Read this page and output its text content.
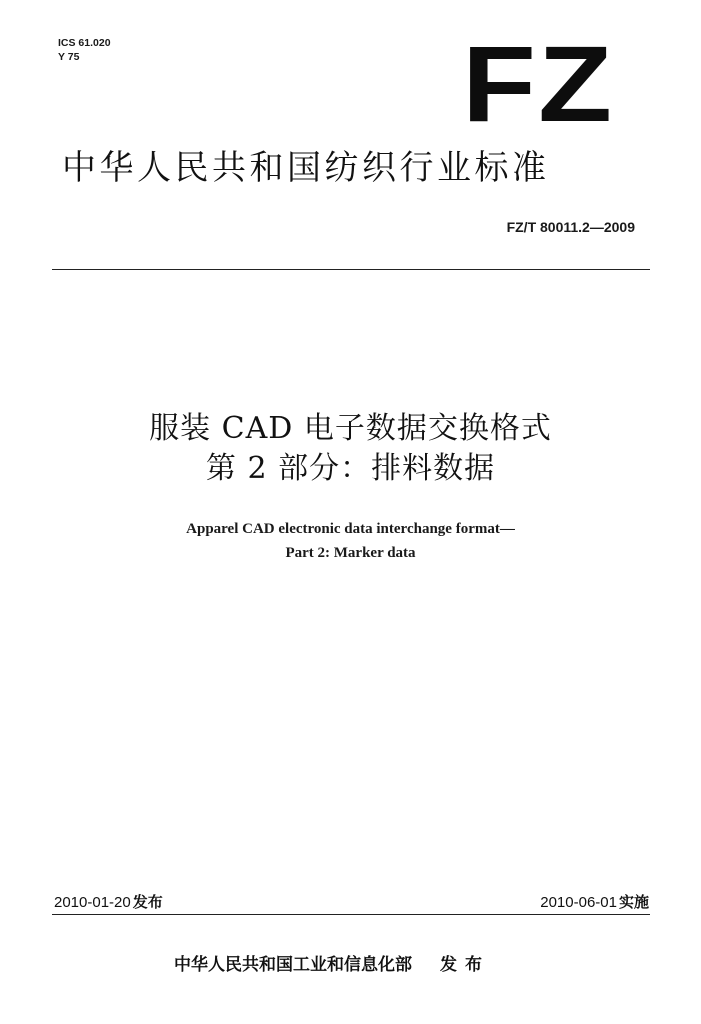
ICS 61.020
Y 75	FZ
中华人民共和国纺织行业标准
FZ/T 80011.2—2009
服装 CAD 电子数据交换格式
第 2 部分：排料数据
Apparel CAD electronic data interchange format—
Part 2: Marker data
2010-01-20 发布	2010-06-01 实施
中华人民共和国工业和信息化部 发布
